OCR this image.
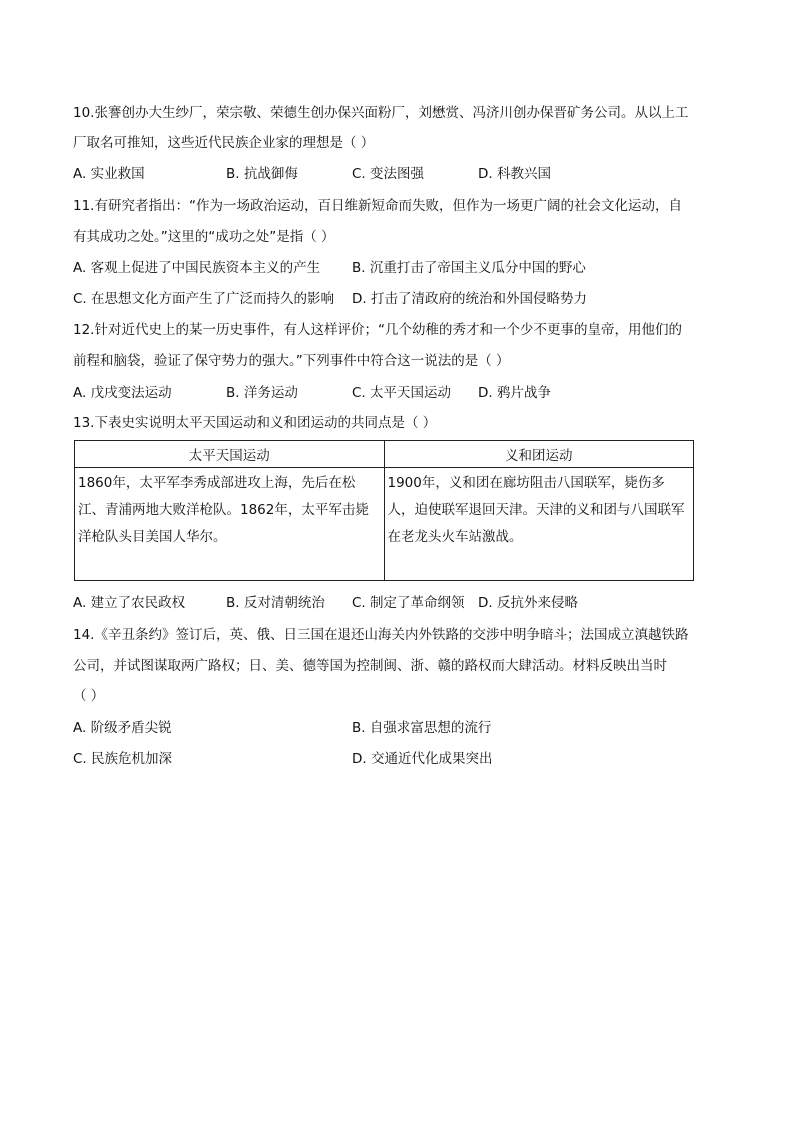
10.张謇创办大生纱厂，荣宗敬、荣德生创办保兴面粉厂，刘懋赏、冯济川创办保晋矿务公司。从以上工
厂取名可推知，这些近代民族企业家的理想是（ ）
A. 实业救国	B. 抗战御侮	C. 变法图强	D. 科教兴国
11.有研究者指出：“作为一场政治运动，百日维新短命而失败，但作为一场更广阔的社会文化运动，自
有其成功之处。”这里的“成功之处”是指（ ）
A. 客观上促进了中国民族资本主义的产生 B. 沉重打击了帝国主义瓜分中国的野心
C. 在思想文化方面产生了广泛而持久的影响 D. 打击了清政府的统治和外国侵略势力
12.针对近代史上的某一历史事件，有人这样评价；“几个幼稚的秀才和一个少不更事的皇帝，用他们的
前程和脑袋，验证了保守势力的强大。”下列事件中符合这一说法的是（ ）
A. 戊戌变法运动	B. 洋务运动	C. 太平天国运动 D. 鸦片战争
13.下表史实说明太平天国运动和义和团运动的共同点是（ ）
太平天国运动	义和团运动

1860年，太平军李秀成部进攻上海，先后在松江、青浦两地大败洋枪队。1862年，太平军击毙洋枪队头目美国人华尔。	1900年，义和团在廊坊阻击八国联军，毙伤多人，迫使联军退回天津。天津的义和团与八国联军在老龙头火车站激战。
A. 建立了农民政权	B. 反对清朝统治 C. 制定了革命纲领 D. 反抗外来侵略
14.《辛丑条约》签订后，英、俄、日三国在退还山海关内外铁路的交涉中明争暗斗；法国成立滇越铁路
公司，并试图谋取两广路权；日、美、德等国为控制闽、浙、赣的路权而大肆活动。材料反映出当时
（ ）
A. 阶级矛盾尖锐	B. 自强求富思想的流行
C. 民族危机加深	D. 交通近代化成果突出
